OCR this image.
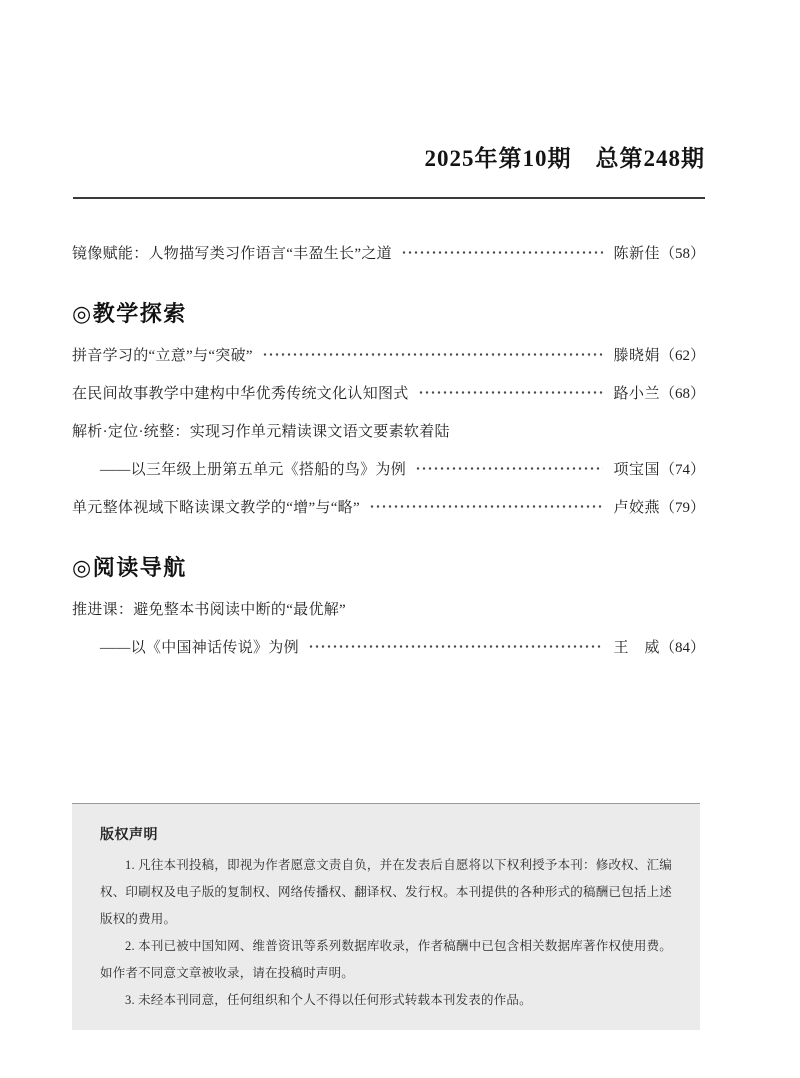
2025年第10期　总第248期
镜像赋能：人物描写类习作语言“丰盈生长”之道	陈新佳（58）
◎教学探索
拼音学习的“立意”与“突破”	滕晓娟（62）
在民间故事教学中建构中华优秀传统文化认知图式	路小兰（68）
解析·定位·统整：实现习作单元精读课文语文要素软着陆
——以三年级上册第五单元《搭船的鸟》为例	项宝国（74）
单元整体视域下略读课文教学的“增”与“略”	卢姣燕（79）
◎阅读导航
推进课：避免整本书阅读中断的“最优解”
——以《中国神话传说》为例	王　威（84）

版权声明

1. 凡往本刊投稿，即视为作者愿意文责自负，并在发表后自愿将以下权利授予本刊：修改权、汇编权、印刷权及电子版的复制权、网络传播权、翻译权、发行权。本刊提供的各种形式的稿酬已包括上述版权的费用。

2. 本刊已被中国知网、维普资讯等系列数据库收录，作者稿酬中已包含相关数据库著作权使用费。如作者不同意文章被收录，请在投稿时声明。

3. 未经本刊同意，任何组织和个人不得以任何形式转载本刊发表的作品。
